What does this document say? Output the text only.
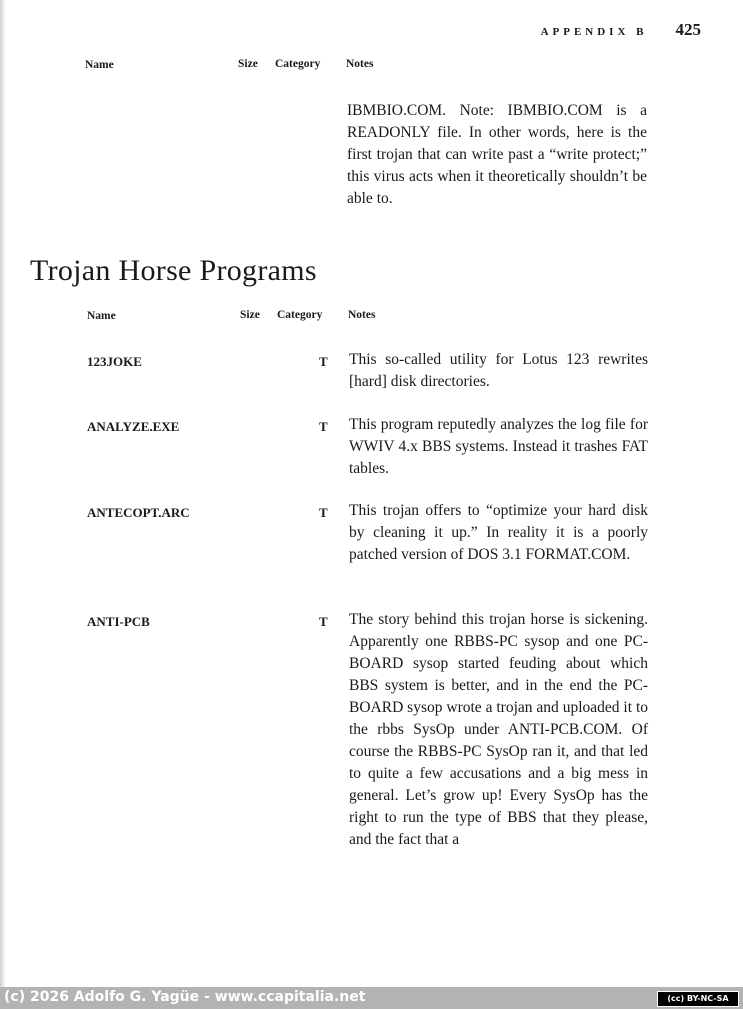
APPENDIX B 425
Name	Size Category Notes
IBMBIO.COM. Note: IBMBIO.COM is a READONLY file. In other words, here is the first trojan that can write past a “write protect;” this virus acts when it theoretically shouldn’t be able to.
Trojan Horse Programs
Name	Size Category Notes
123JOKE	T This so-called utility for Lotus 123 rewrites [hard] disk directories.
ANALYZE.EXE	T This program reputedly analyzes the log file for WWIV 4.x BBS systems. Instead it trashes FAT tables.
ANTECOPT.ARC	T This trojan offers to “optimize your hard disk by cleaning it up.” In reality it is a poorly patched version of DOS 3.1 FORMAT.COM.
ANTI-PCB	T The story behind this trojan horse is sickening. Apparently one RBBS-PC sysop and one PC-BOARD sysop started feuding about which BBS system is better, and in the end the PC-BOARD sysop wrote a trojan and uploaded it to the rbbs SysOp under ANTI-PCB.COM. Of course the RBBS-PC SysOp ran it, and that led to quite a few accusations and a big mess in general. Let’s grow up! Every SysOp has the right to run the type of BBS that they please, and the fact that a
(c) 2026 Adolfo G. Yagüe - www.ccapitalia.net	(cc) BY-NC-SA
